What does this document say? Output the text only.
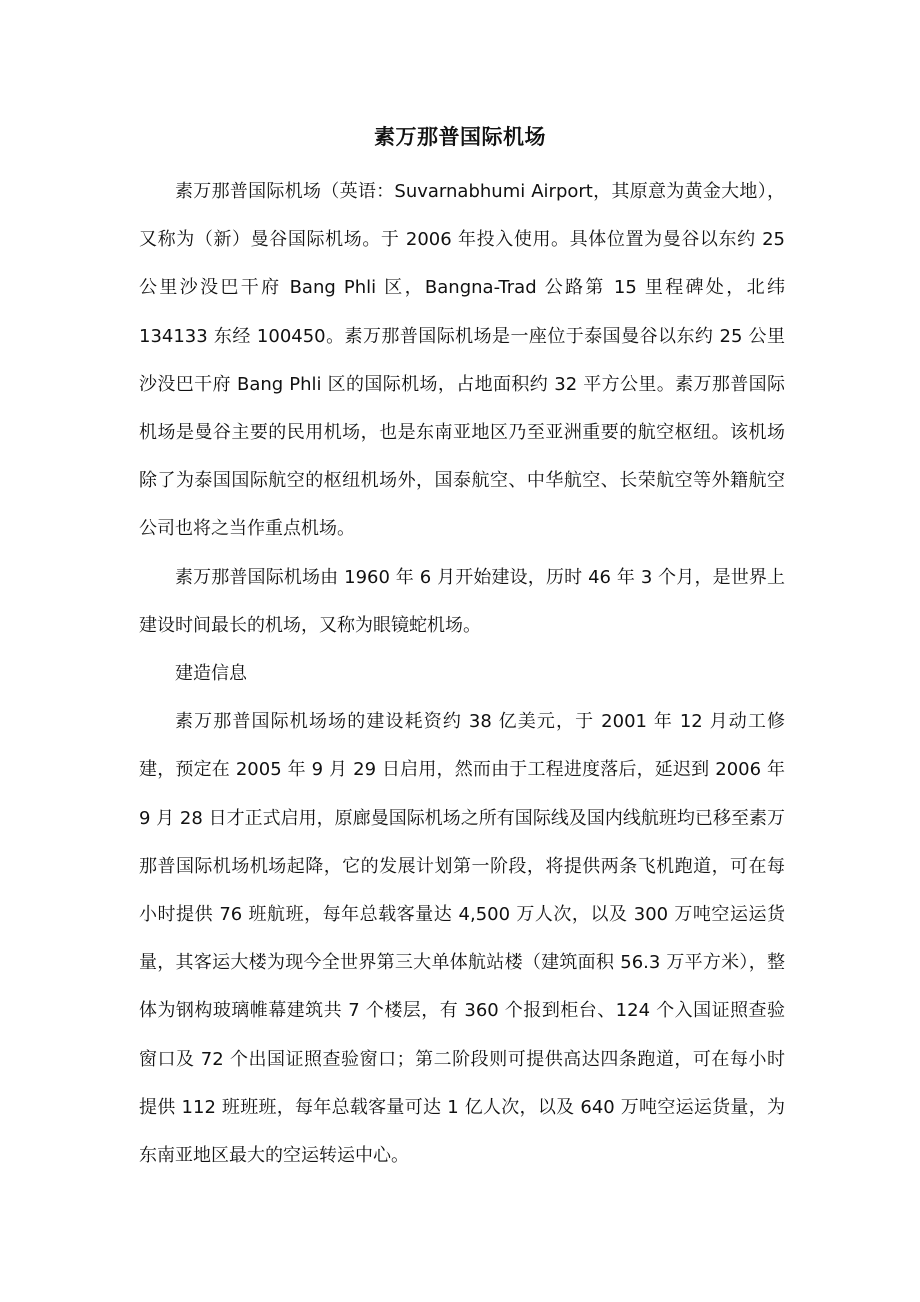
素万那普国际机场

素万那普国际机场（英语：Suvarnabhumi Airport，其原意为黄金大地），又称为（新）曼谷国际机场。于 2006 年投入使用。具体位置为曼谷以东约 25 公里沙没巴干府 Bang Phli 区，Bangna-Trad 公路第 15 里程碑处，北纬 134133 东经 100450。素万那普国际机场是一座位于泰国曼谷以东约 25 公里沙没巴干府 Bang Phli 区的国际机场，占地面积约 32 平方公里。素万那普国际机场是曼谷主要的民用机场，也是东南亚地区乃至亚洲重要的航空枢纽。该机场除了为泰国国际航空的枢纽机场外，国泰航空、中华航空、长荣航空等外籍航空公司也将之当作重点机场。

素万那普国际机场由 1960 年 6 月开始建设，历时 46 年 3 个月，是世界上建设时间最长的机场，又称为眼镜蛇机场。

建造信息

素万那普国际机场场的建设耗资约 38 亿美元，于 2001 年 12 月动工修建，预定在 2005 年 9 月 29 日启用，然而由于工程进度落后，延迟到 2006 年 9 月 28 日才正式启用，原廊曼国际机场之所有国际线及国内线航班均已移至素万那普国际机场机场起降，它的发展计划第一阶段，将提供两条飞机跑道，可在每小时提供 76 班航班，每年总载客量达 4,500 万人次，以及 300 万吨空运运货量，其客运大楼为现今全世界第三大单体航站楼（建筑面积 56.3 万平方米），整体为钢构玻璃帷幕建筑共 7 个楼层，有 360 个报到柜台、124 个入国证照查验窗口及 72 个出国证照查验窗口；第二阶段则可提供高达四条跑道，可在每小时提供 112 班班班，每年总载客量可达 1 亿人次，以及 640 万吨空运运货量，为东南亚地区最大的空运转运中心。
